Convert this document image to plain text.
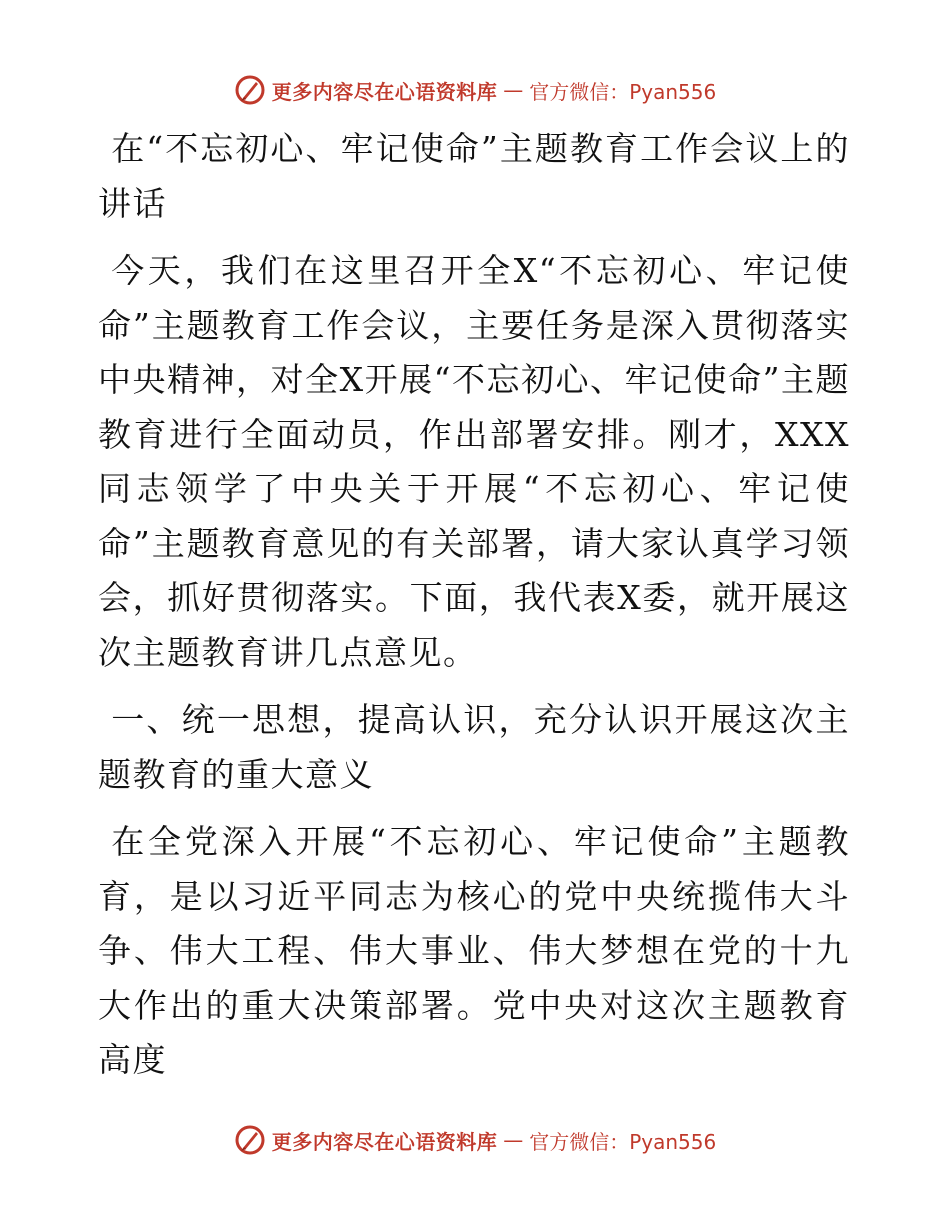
更多内容尽在心语资料库 — 官方微信：Pyan556

在“不忘初心、牢记使命”主题教育工作会议上的讲话

今天，我们在这里召开全X“不忘初心、牢记使命”主题教育工作会议，主要任务是深入贯彻落实中央精神，对全X开展“不忘初心、牢记使命”主题教育进行全面动员，作出部署安排。刚才，XXX同志领学了中央关于开展“不忘初心、牢记使命”主题教育意见的有关部署，请大家认真学习领会，抓好贯彻落实。下面，我代表X委，就开展这次主题教育讲几点意见。

一、统一思想，提高认识，充分认识开展这次主题教育的重大意义

在全党深入开展“不忘初心、牢记使命”主题教育，是以习近平同志为核心的党中央统揽伟大斗争、伟大工程、伟大事业、伟大梦想在党的十九大作出的重大决策部署。党中央对这次主题教育高度

更多内容尽在心语资料库 — 官方微信：Pyan556
